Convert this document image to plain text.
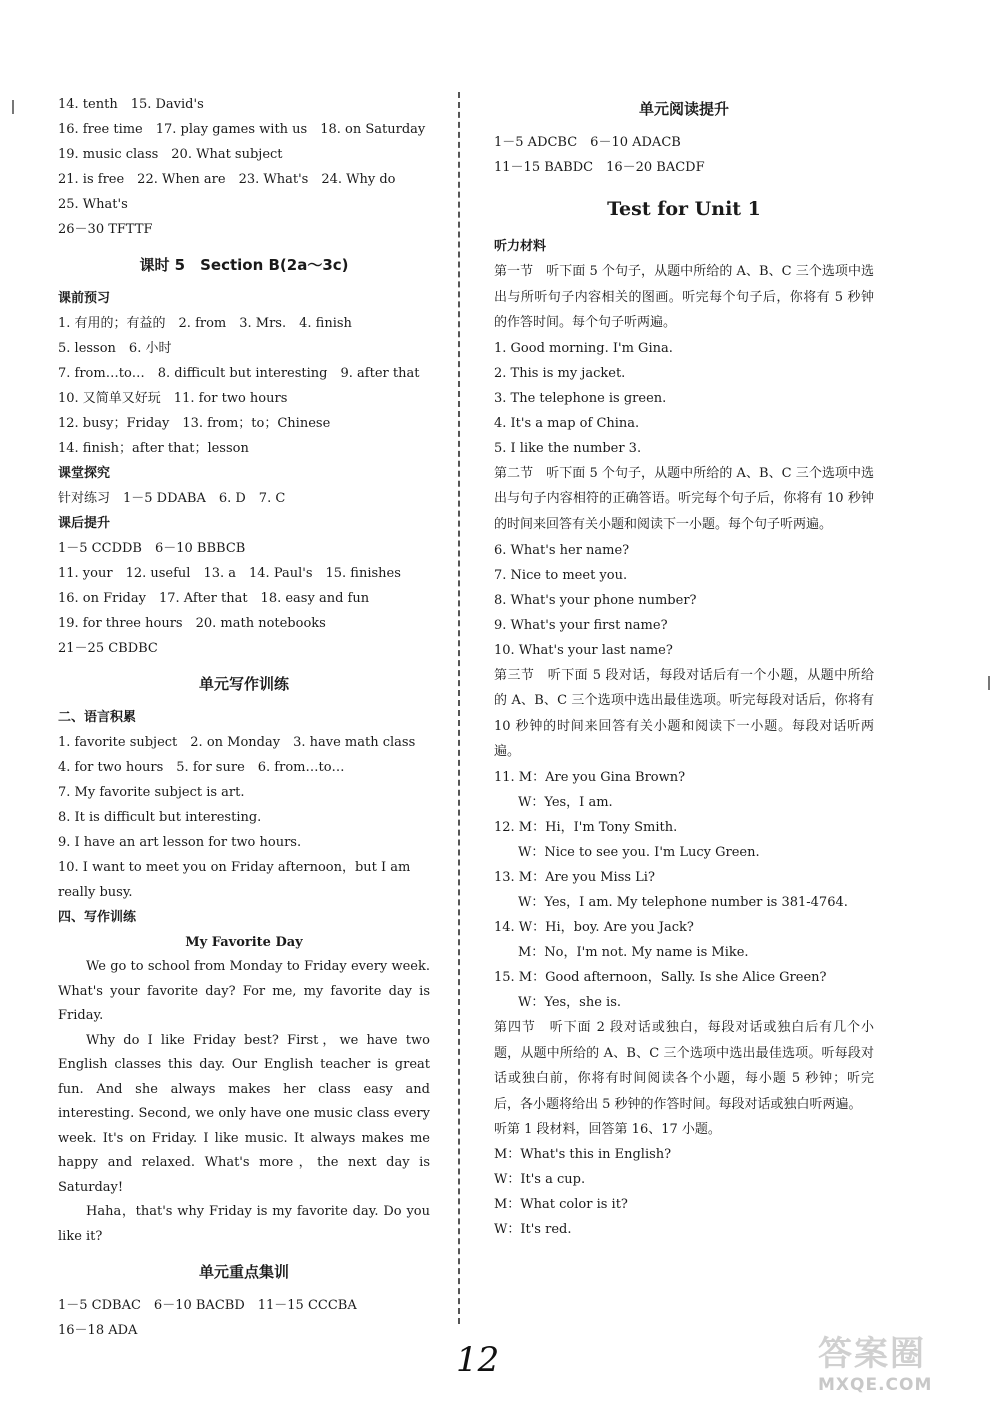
14. tenth　15. David's
16. free time　17. play games with us　18. on Saturday
19. music class　20. What subject
21. is free　22. When are　23. What's　24. Why do
25. What's
26－30 TFTTF
课时 5　Section B(2a～3c)
课前预习
1. 有用的；有益的　2. from　3. Mrs.　4. finish
5. lesson　6. 小时
7. from…to…　8. difficult but interesting　9. after that
10. 又简单又好玩　11. for two hours
12. busy；Friday　13. from；to；Chinese
14. finish；after that；lesson
课堂探究
针对练习　1－5 DDABA　6. D　7. C
课后提升
1－5 CCDDB　6－10 BBBCB
11. your　12. useful　13. a　14. Paul's　15. finishes
16. on Friday　17. After that　18. easy and fun
19. for three hours　20. math notebooks
21－25 CBDBC
单元写作训练
二、语言积累
1. favorite subject　2. on Monday　3. have math class
4. for two hours　5. for sure　6. from…to…
7. My favorite subject is art.
8. It is difficult but interesting.
9. I have an art lesson for two hours.
10. I want to meet you on Friday afternoon，but I am really busy.
四、写作训练
My Favorite Day
We go to school from Monday to Friday every week. What's your favorite day? For me, my favorite day is Friday.
Why do I like Friday best? First，we have two English classes this day. Our English teacher is great fun. And she always makes her class easy and interesting. Second, we only have one music class every week. It's on Friday. I like music. It always makes me happy and relaxed. What's more，the next day is Saturday!
Haha，that's why Friday is my favorite day. Do you like it?
单元重点集训
1－5 CDBAC　6－10 BACBD　11－15 CCCBA
16－18 ADA
单元阅读提升
1－5 ADCBC　6－10 ADACB
11－15 BABDC　16－20 BACDF
Test for Unit 1
听力材料
第一节　听下面 5 个句子，从题中所给的 A、B、C 三个选项中选出与所听句子内容相关的图画。听完每个句子后，你将有 5 秒钟的作答时间。每个句子听两遍。
1. Good morning. I'm Gina.
2. This is my jacket.
3. The telephone is green.
4. It's a map of China.
5. I like the number 3.
第二节　听下面 5 个句子，从题中所给的 A、B、C 三个选项中选出与句子内容相符的正确答语。听完每个句子后，你将有 10 秒钟的时间来回答有关小题和阅读下一小题。每个句子听两遍。
6. What's her name?
7. Nice to meet you.
8. What's your phone number?
9. What's your first name?
10. What's your last name?
第三节　听下面 5 段对话，每段对话后有一个小题，从题中所给的 A、B、C 三个选项中选出最佳选项。听完每段对话后，你将有 10 秒钟的时间来回答有关小题和阅读下一小题。每段对话听两遍。
11. M：Are you Gina Brown?
W：Yes，I am.
12. M：Hi，I'm Tony Smith.
W：Nice to see you. I'm Lucy Green.
13. M：Are you Miss Li?
W：Yes，I am. My telephone number is 381-4764.
14. W：Hi，boy. Are you Jack?
M：No，I'm not. My name is Mike.
15. M：Good afternoon，Sally. Is she Alice Green?
W：Yes，she is.
第四节　听下面 2 段对话或独白，每段对话或独白后有几个小题，从题中所给的 A、B、C 三个选项中选出最佳选项。听每段对话或独白前，你将有时间阅读各个小题，每小题 5 秒钟；听完后，各小题将给出 5 秒钟的作答时间。每段对话或独白听两遍。
听第 1 段材料，回答第 16、17 小题。
M：What's this in English?
W：It's a cup.
M：What color is it?
W：It's red.
12	答案圈
MXQE.COM
